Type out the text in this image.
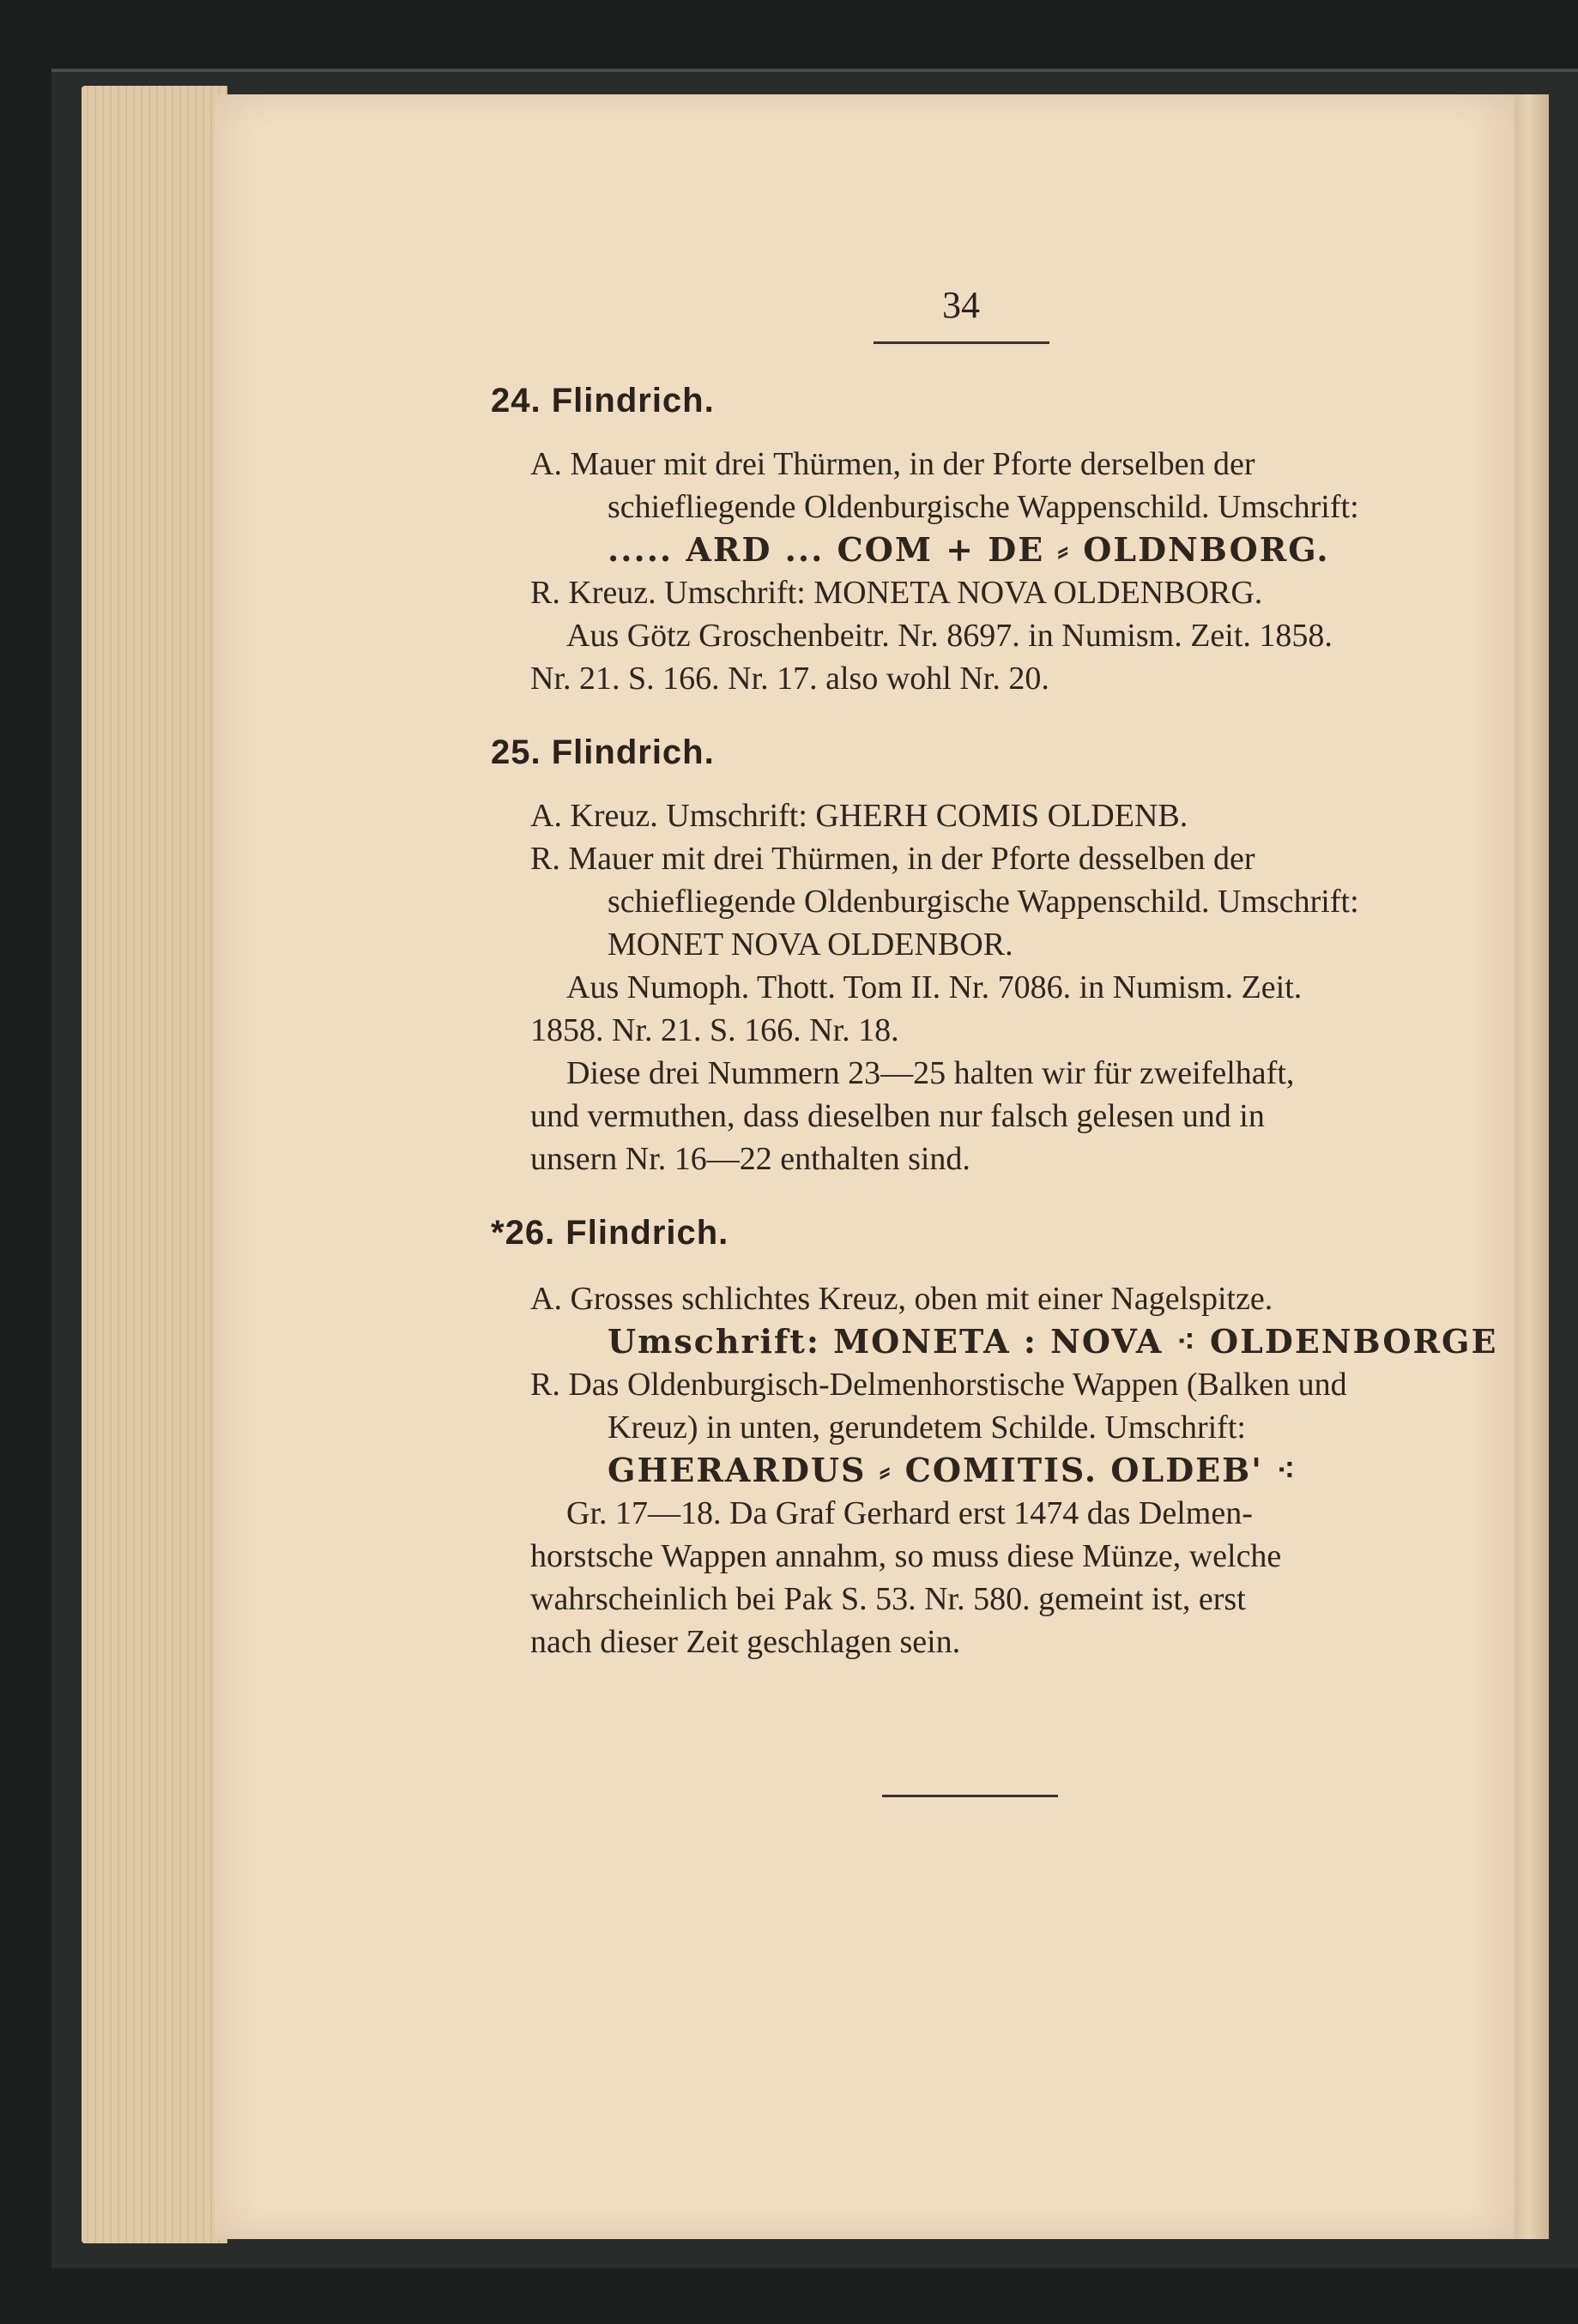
34
24. Flindrich.
A. Mauer mit drei Thürmen, in der Pforte derselben der
schiefliegende Oldenburgische Wappenschild. Umschrift:
..... ARD ... COM + DE ⸗ OLDNBORG.
R. Kreuz. Umschrift: MONETA NOVA OLDENBORG.
Aus Götz Groschenbeitr. Nr. 8697. in Numism. Zeit. 1858.
Nr. 21. S. 166. Nr. 17. also wohl Nr. 20.
25. Flindrich.
A. Kreuz. Umschrift: GHERH COMIS OLDENB.
R. Mauer mit drei Thürmen, in der Pforte desselben der
schiefliegende Oldenburgische Wappenschild. Umschrift:
MONET NOVA OLDENBOR.
Aus Numoph. Thott. Tom II. Nr. 7086. in Numism. Zeit.
1858. Nr. 21. S. 166. Nr. 18.
Diese drei Nummern 23—25 halten wir für zweifelhaft,
und vermuthen, dass dieselben nur falsch gelesen und in
unsern Nr. 16—22 enthalten sind.
*26. Flindrich.
A. Grosses schlichtes Kreuz, oben mit einer Nagelspitze.
Umschrift: MONETA : NOVA ⁖ OLDENBORGE
R. Das Oldenburgisch-Delmenhorstische Wappen (Balken und
Kreuz) in unten, gerundetem Schilde. Umschrift:
GHERARDUS ⸗ COMITIS. OLDEB' ⁖
Gr. 17—18. Da Graf Gerhard erst 1474 das Delmen-
horstsche Wappen annahm, so muss diese Münze, welche
wahrscheinlich bei Pak S. 53. Nr. 580. gemeint ist, erst
nach dieser Zeit geschlagen sein.
